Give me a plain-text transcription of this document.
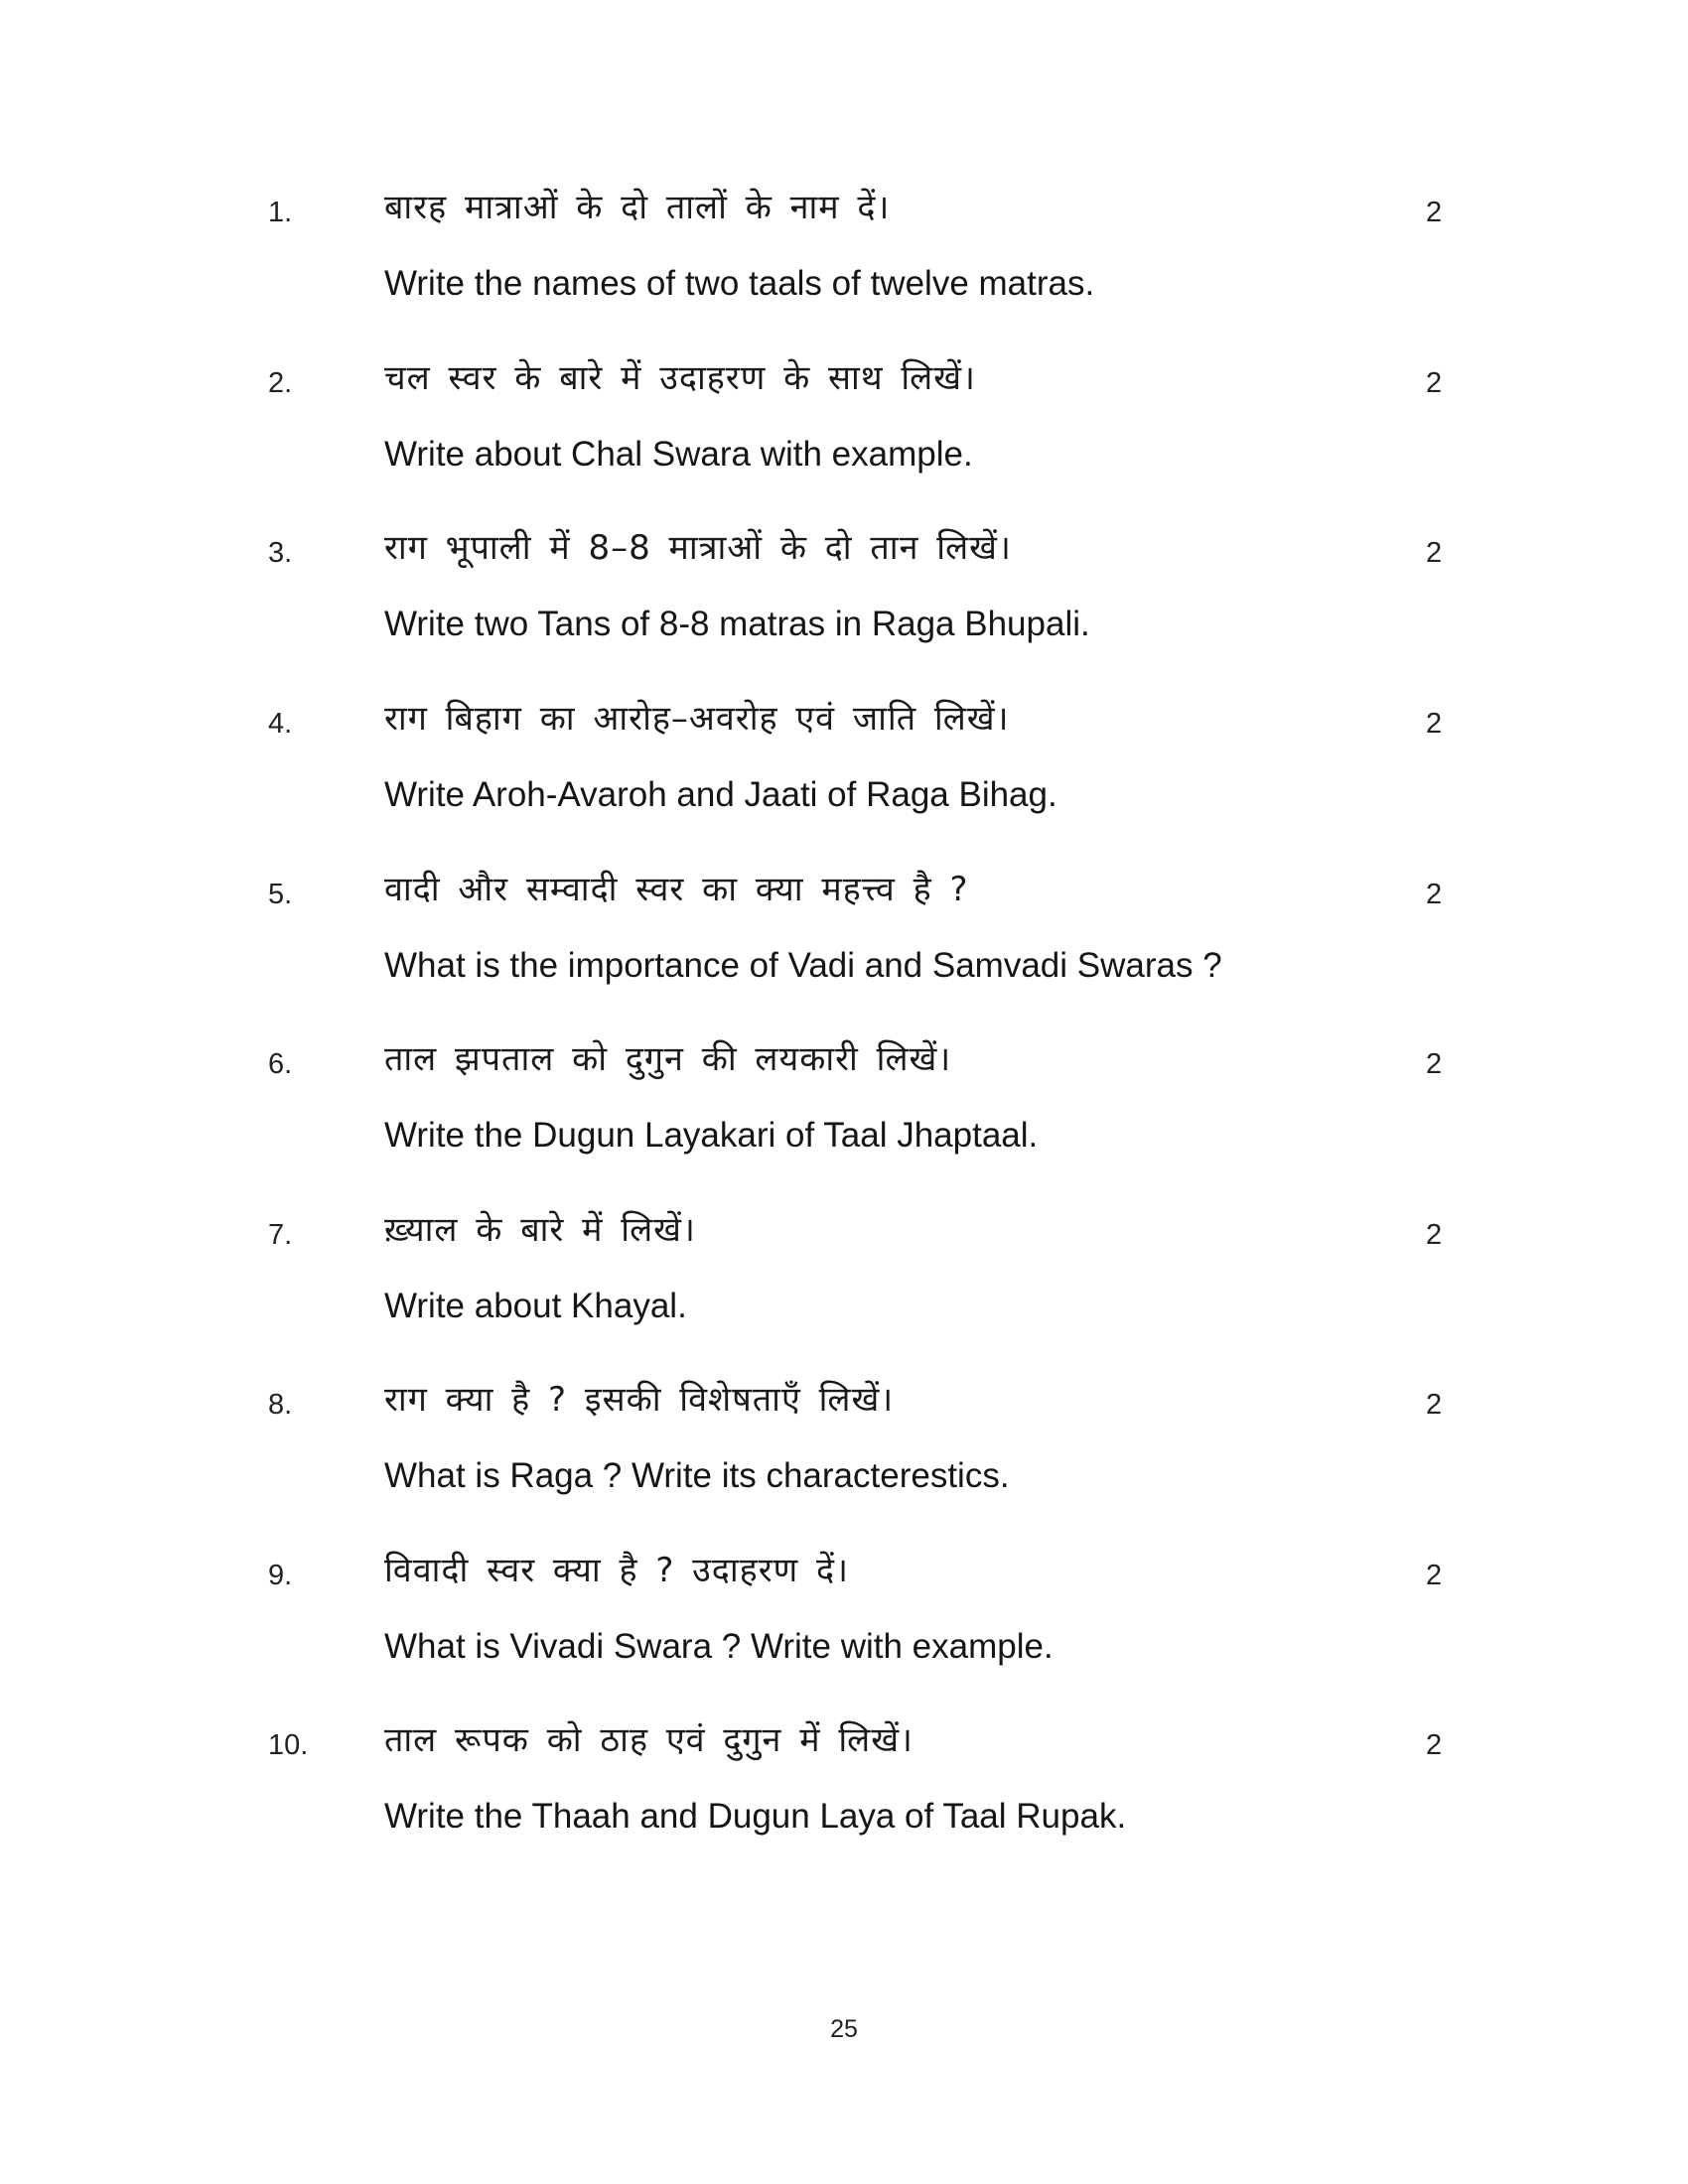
1.	बारह मात्राओं के दो तालों के नाम दें।	2
Write the names of two taals of twelve matras.
2.	चल स्वर के बारे में उदाहरण के साथ लिखें।	2
Write about Chal Swara with example.
3.	राग भूपाली में 8–8 मात्राओं के दो तान लिखें।	2
Write two Tans of 8-8 matras in Raga Bhupali.
4.	राग बिहाग का आरोह–अवरोह एवं जाति लिखें।	2
Write Aroh-Avaroh and Jaati of Raga Bihag.
5.	वादी और सम्वादी स्वर का क्या महत्त्व है ?	2
What is the importance of Vadi and Samvadi Swaras ?
6.	ताल झपताल को दुगुन की लयकारी लिखें।	2
Write the Dugun Layakari of Taal Jhaptaal.
7.	ख़्याल के बारे में लिखें।	2
Write about Khayal.
8.	राग क्या है ? इसकी विशेषताएँ लिखें।	2
What is Raga ? Write its characterestics.
9.	विवादी स्वर क्या है ? उदाहरण दें।	2
What is Vivadi Swara ? Write with example.
10. ताल रूपक को ठाह एवं दुगुन में लिखें।	2
Write the Thaah and Dugun Laya of Taal Rupak.
25
